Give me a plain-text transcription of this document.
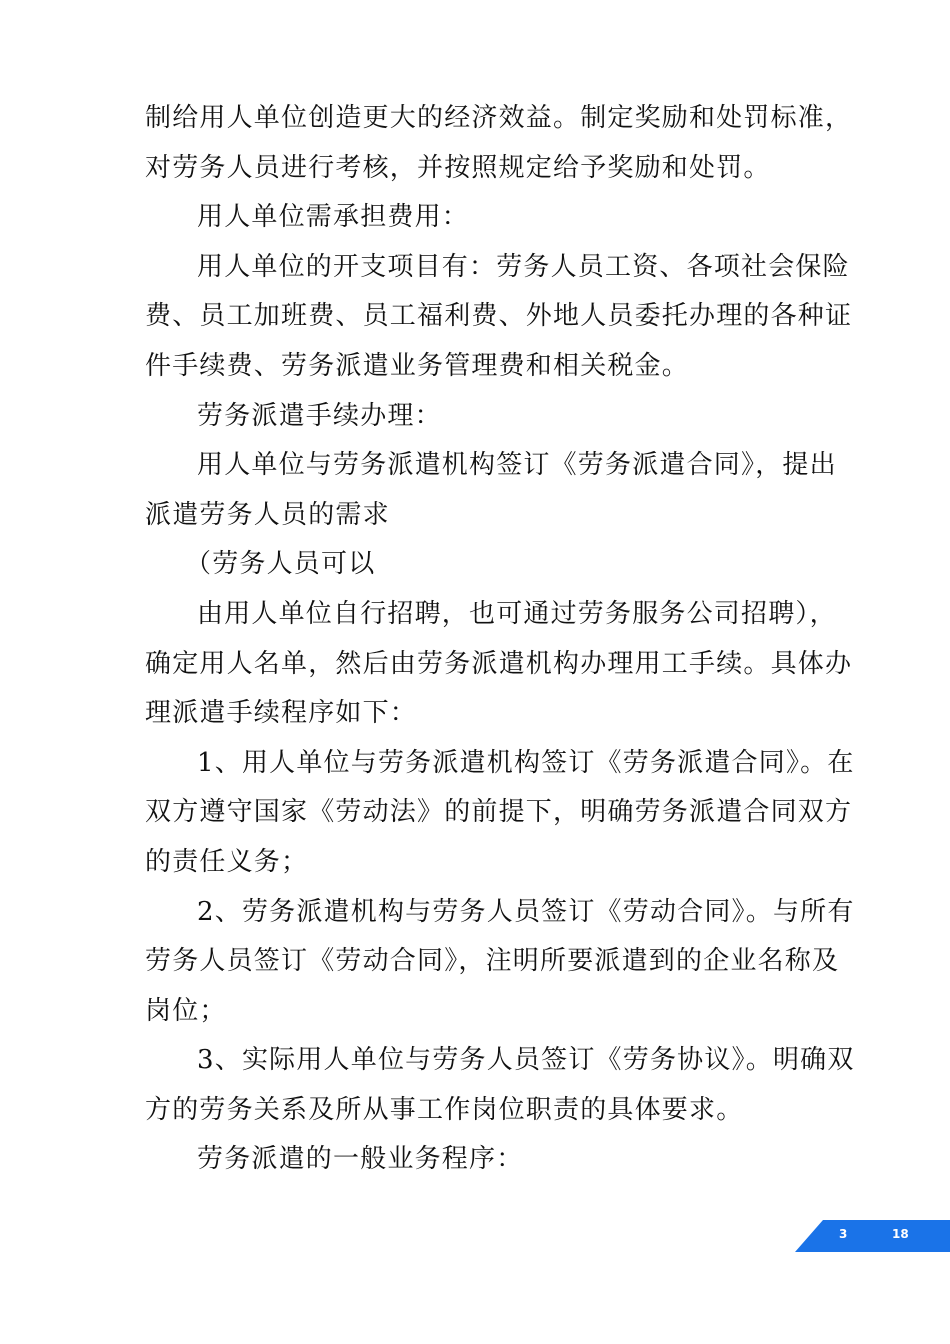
制给用人单位创造更大的经济效益。制定奖励和处罚标准，
对劳务人员进行考核，并按照规定给予奖励和处罚。
用人单位需承担费用：
用人单位的开支项目有：劳务人员工资、各项社会保险
费、员工加班费、员工福利费、外地人员委托办理的各种证
件手续费、劳务派遣业务管理费和相关税金。
劳务派遣手续办理：
用人单位与劳务派遣机构签订《劳务派遣合同》，提出
派遣劳务人员的需求
（劳务人员可以
由用人单位自行招聘，也可通过劳务服务公司招聘），
确定用人名单，然后由劳务派遣机构办理用工手续。具体办
理派遣手续程序如下：
1、用人单位与劳务派遣机构签订《劳务派遣合同》。在
双方遵守国家《劳动法》的前提下，明确劳务派遣合同双方
的责任义务；
2、劳务派遣机构与劳务人员签订《劳动合同》。与所有
劳务人员签订《劳动合同》，注明所要派遣到的企业名称及
岗位；
3、实际用人单位与劳务人员签订《劳务协议》。明确双
方的劳务关系及所从事工作岗位职责的具体要求。
劳务派遣的一般业务程序：
3	18
